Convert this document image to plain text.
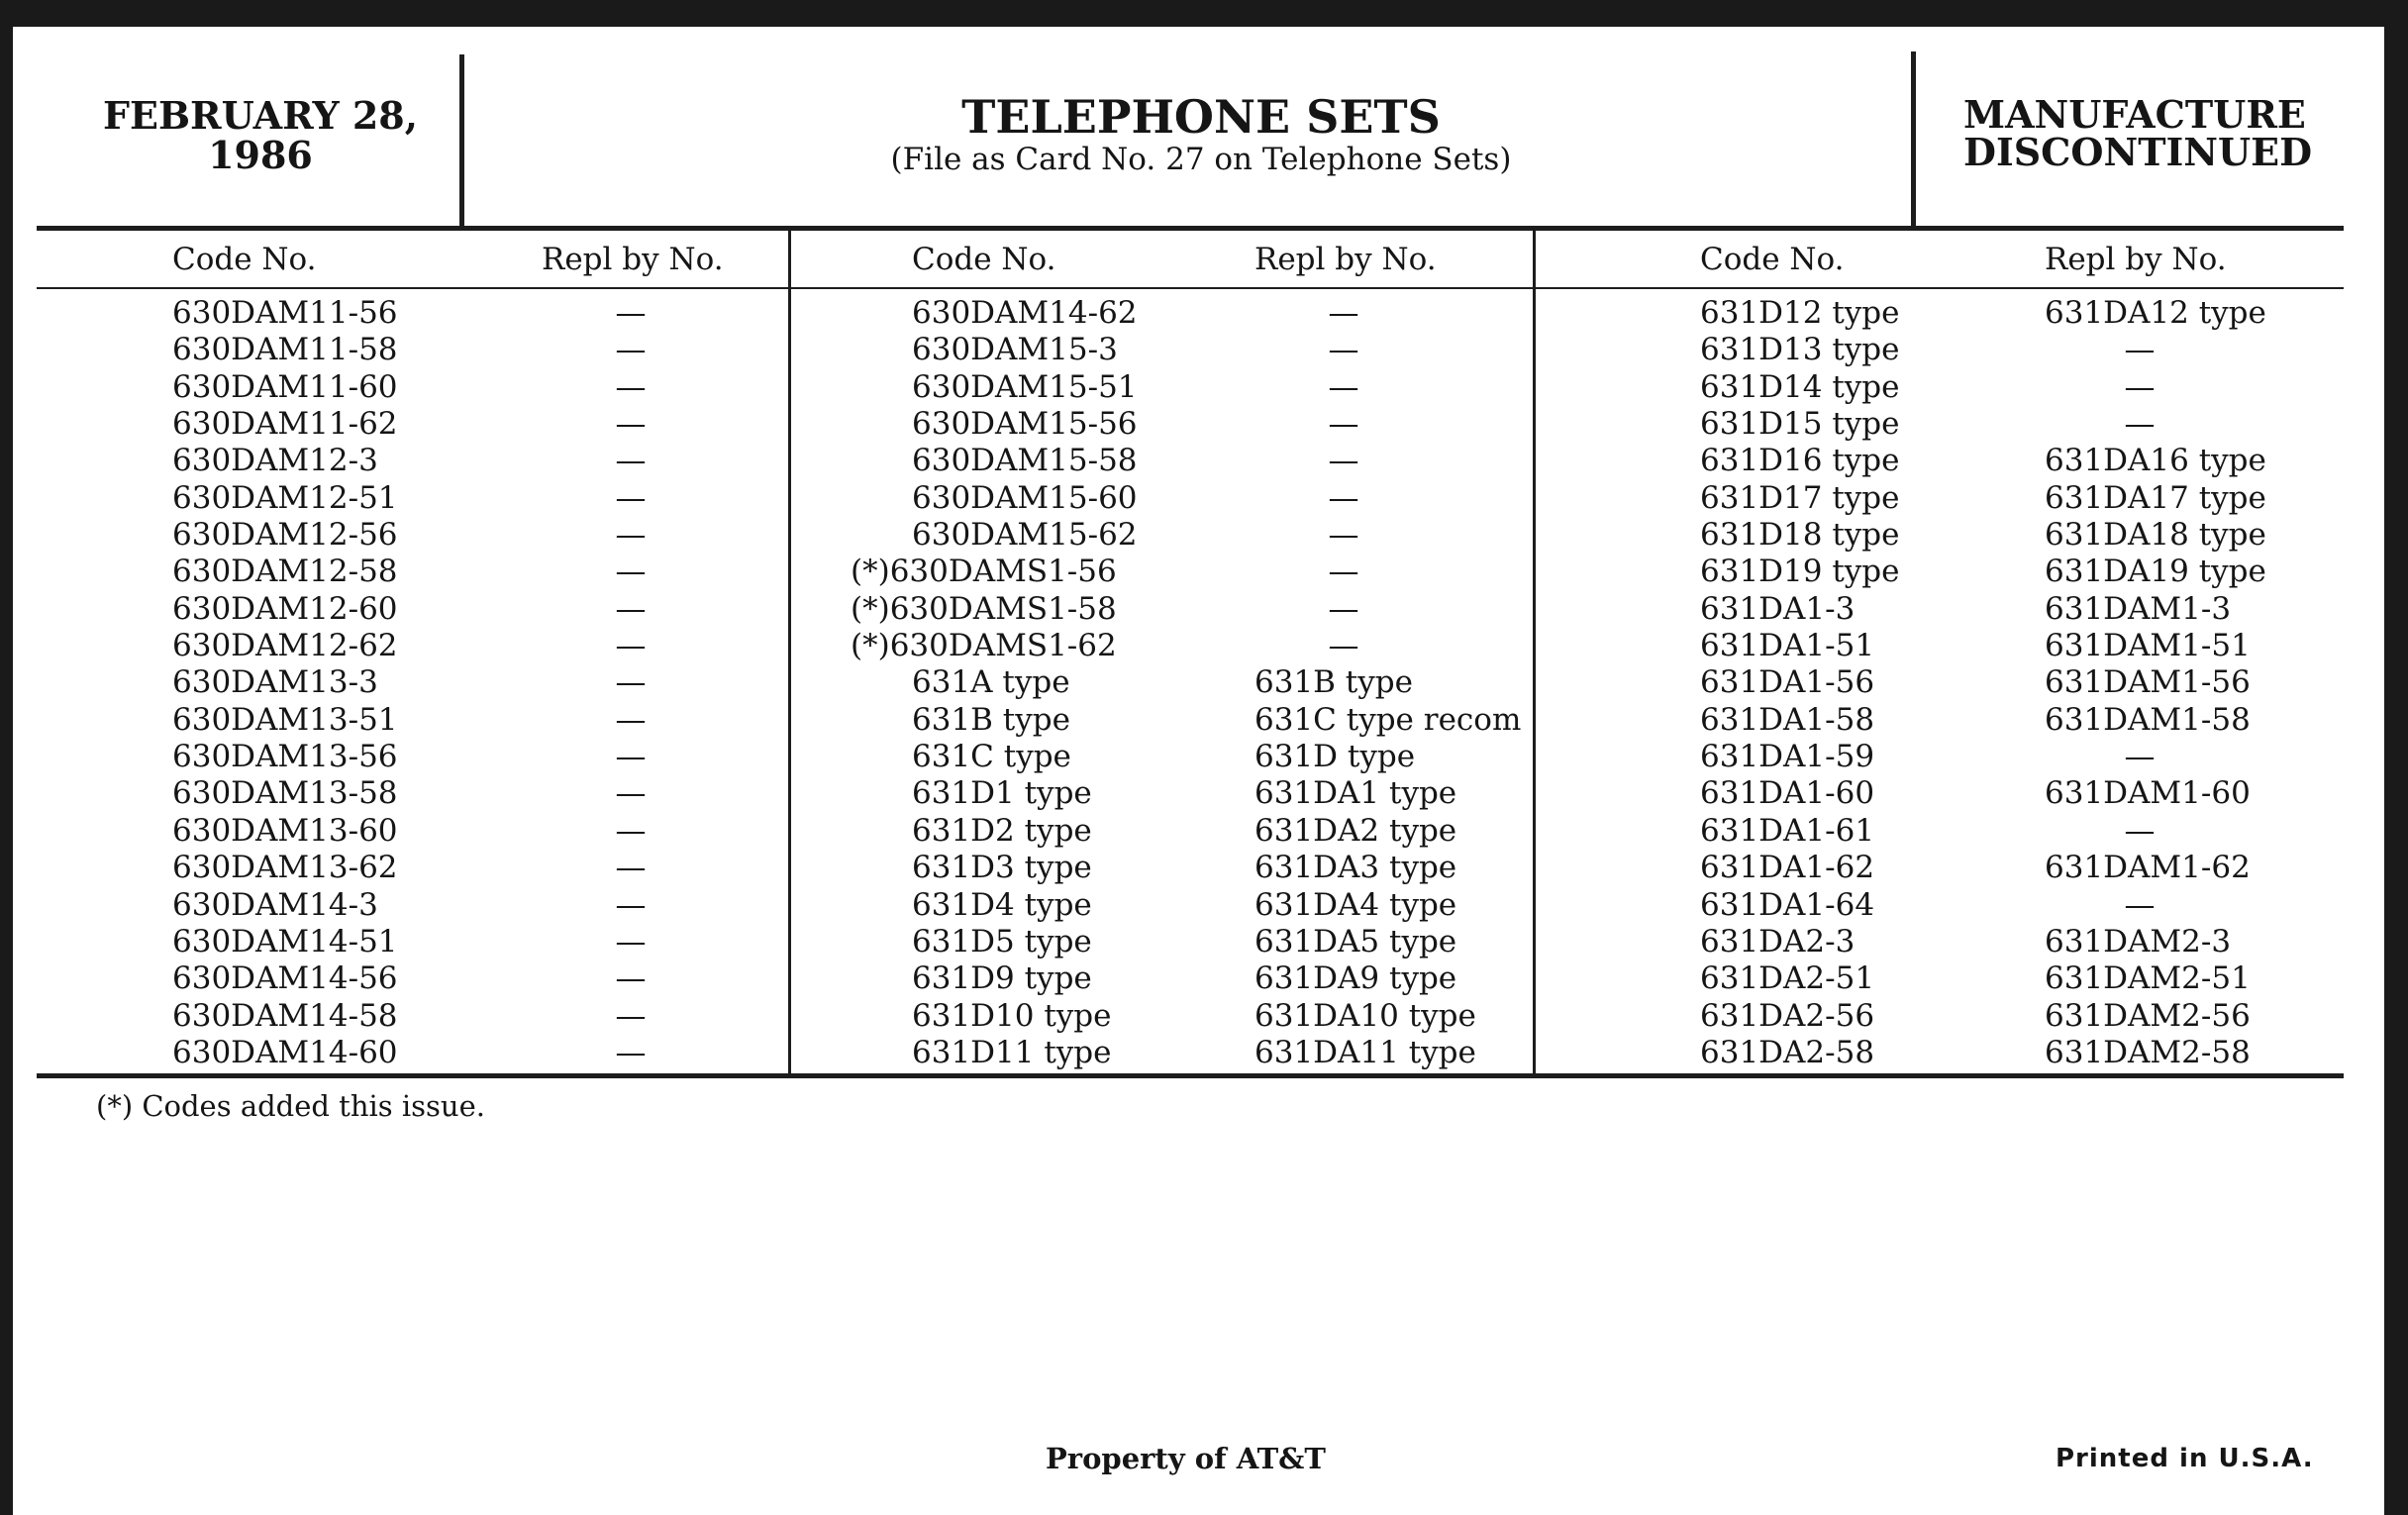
FEBRUARY 28,
1986
TELEPHONE SETS
(File as Card No. 27 on Telephone Sets)
MANUFACTURE
DISCONTINUED
Code No.	Repl by No.
630DAM11-56	—
630DAM11-58	—
630DAM11-60	—
630DAM11-62	—
630DAM12-3	—
630DAM12-51	—
630DAM12-56	—
630DAM12-58	—
630DAM12-60	—
630DAM12-62	—
630DAM13-3	—
630DAM13-51	—
630DAM13-56	—
630DAM13-58	—
630DAM13-60	—
630DAM13-62	—
630DAM14-3	—
630DAM14-51	—
630DAM14-56	—
630DAM14-58	—
630DAM14-60	—
Code No.	Repl by No.
630DAM14-62	—
630DAM15-3	—
630DAM15-51	—
630DAM15-56	—
630DAM15-58	—
630DAM15-60	—
630DAM15-62	—
(*)630DAMS1-56	—
(*)630DAMS1-58	—
(*)630DAMS1-62	—
631A type	631B type
631B type	631C type recom
631C type	631D type
631D1 type	631DA1 type
631D2 type	631DA2 type
631D3 type	631DA3 type
631D4 type	631DA4 type
631D5 type	631DA5 type
631D9 type	631DA9 type
631D10 type	631DA10 type
631D11 type	631DA11 type
Code No.	Repl by No.
631D12 type	631DA12 type
631D13 type	—
631D14 type	—
631D15 type	—
631D16 type	631DA16 type
631D17 type	631DA17 type
631D18 type	631DA18 type
631D19 type	631DA19 type
631DA1-3	631DAM1-3
631DA1-51	631DAM1-51
631DA1-56	631DAM1-56
631DA1-58	631DAM1-58
631DA1-59	—
631DA1-60	631DAM1-60
631DA1-61	—
631DA1-62	631DAM1-62
631DA1-64	—
631DA2-3	631DAM2-3
631DA2-51	631DAM2-51
631DA2-56	631DAM2-56
631DA2-58	631DAM2-58
(*) Codes added this issue.
Property of AT&T	Printed in U.S.A.
